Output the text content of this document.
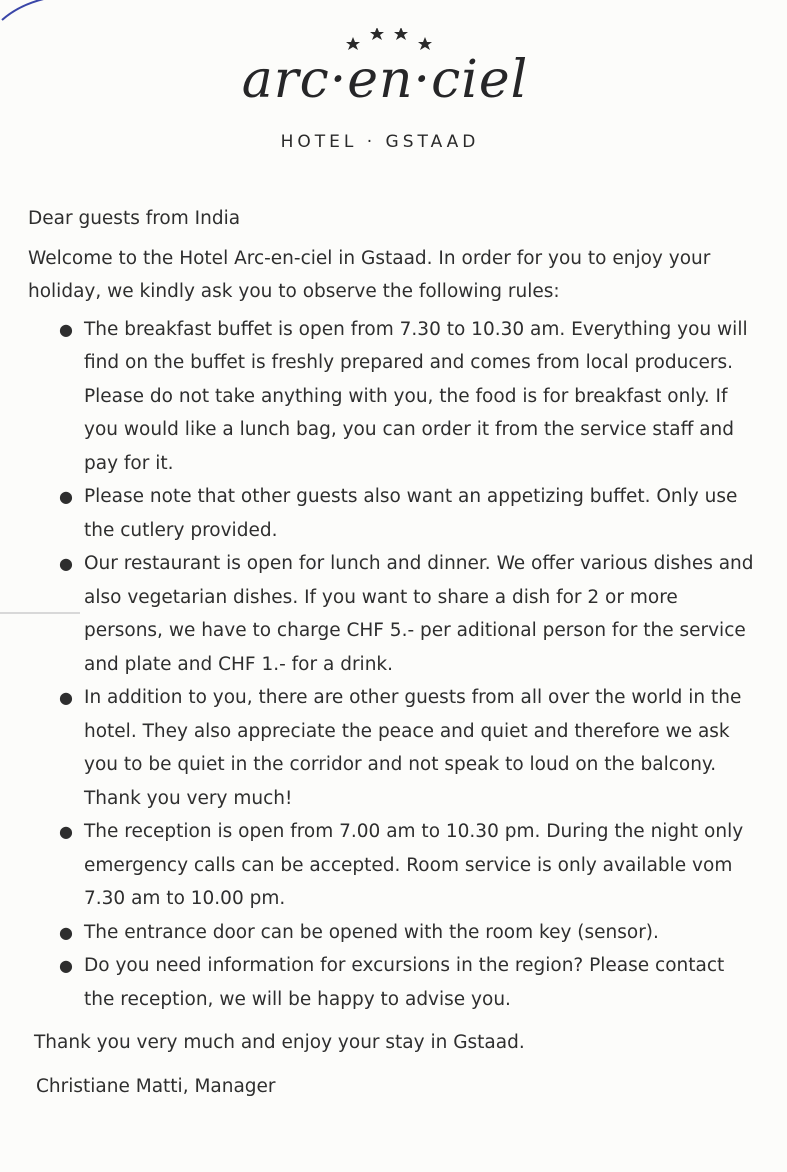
arc·en·ciel
HOTEL · GSTAAD

Dear guests from India

Welcome to the Hotel Arc-en-ciel in Gstaad. In order for you to enjoy your holiday, we kindly ask you to observe the following rules:

● The breakfast buffet is open from 7.30 to 10.30 am. Everything you will find on the buffet is freshly prepared and comes from local producers. Please do not take anything with you, the food is for breakfast only. If you would like a lunch bag, you can order it from the service staff and pay for it.
● Please note that other guests also want an appetizing buffet. Only use the cutlery provided.
● Our restaurant is open for lunch and dinner. We offer various dishes and also vegetarian dishes. If you want to share a dish for 2 or more persons, we have to charge CHF 5.- per aditional person for the service and plate and CHF 1.- for a drink.
● In addition to you, there are other guests from all over the world in the hotel. They also appreciate the peace and quiet and therefore we ask you to be quiet in the corridor and not speak to loud on the balcony. Thank you very much!
● The reception is open from 7.00 am to 10.30 pm. During the night only emergency calls can be accepted. Room service is only available vom 7.30 am to 10.00 pm.
● The entrance door can be opened with the room key (sensor).
● Do you need information for excursions in the region? Please contact the reception, we will be happy to advise you.

Thank you very much and enjoy your stay in Gstaad.

Christiane Matti, Manager
